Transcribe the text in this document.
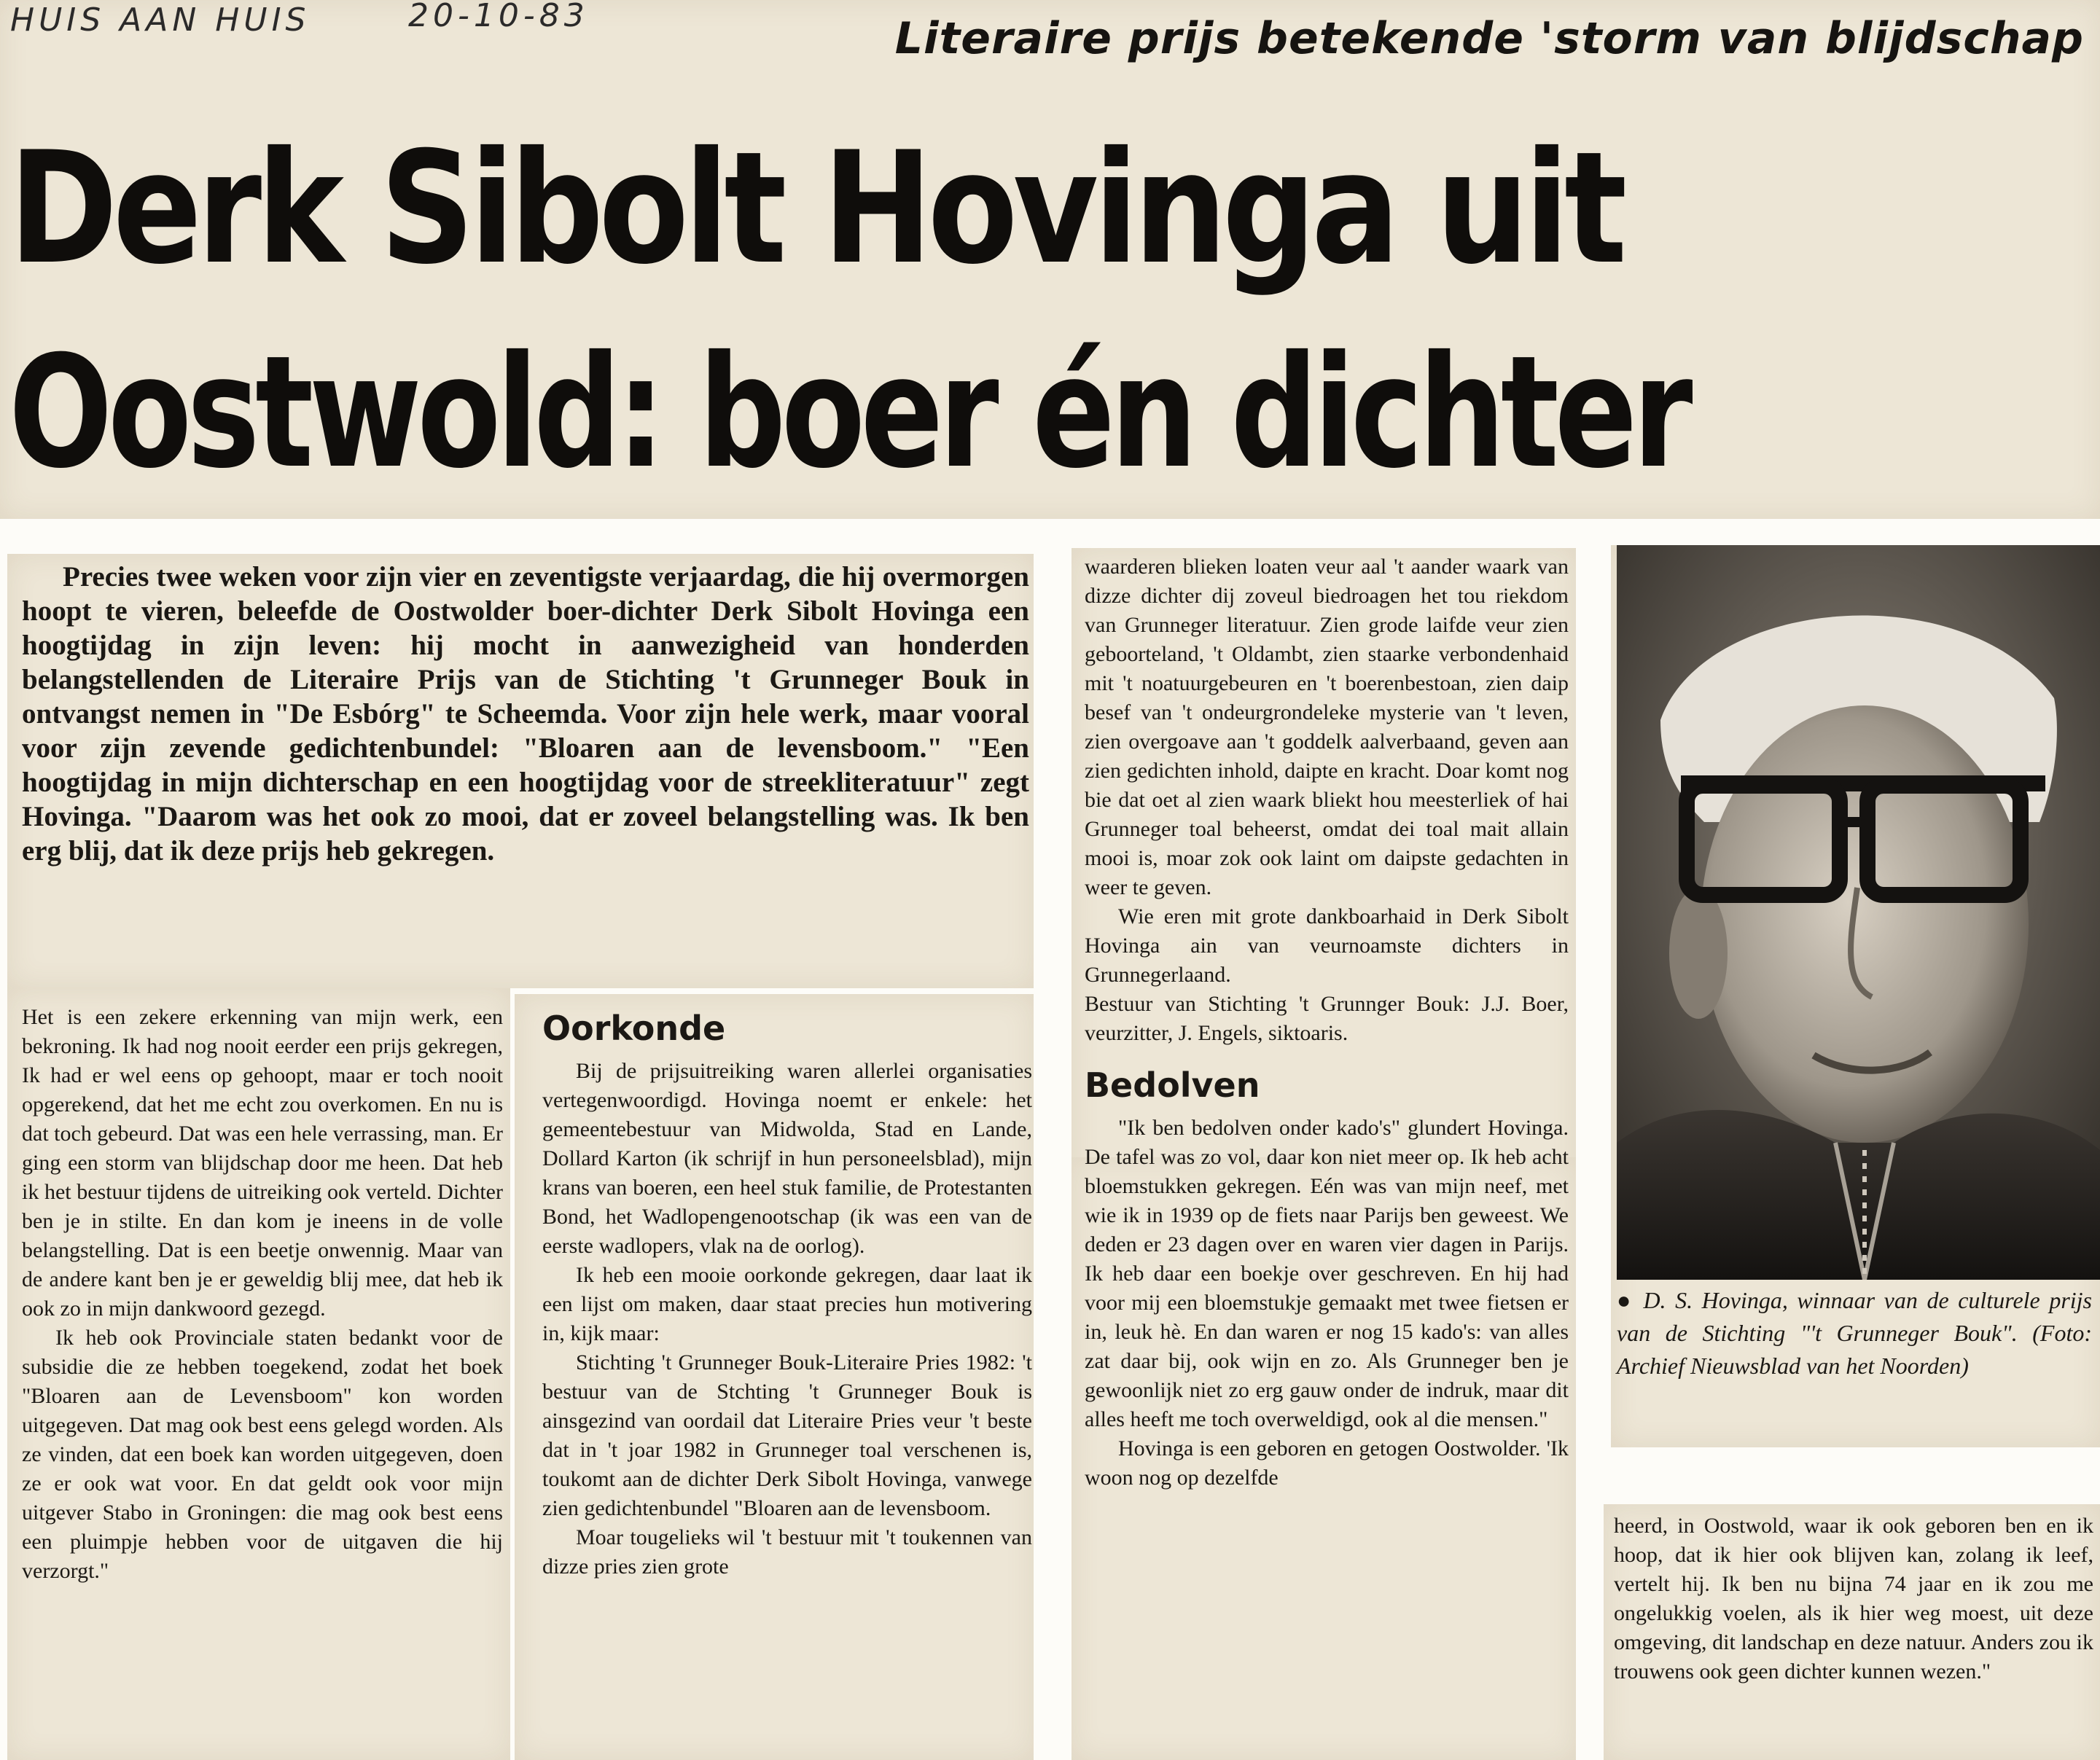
HUIS AAN HUIS	20-10-83	Literaire prijs betekende 'storm van blijdschap
Derk Sibolt Hovinga uit
Oostwold: boer én dichter

Precies twee weken voor zijn vier en zeventigste verjaardag, die hij overmorgen hoopt te vieren, beleefde de Oostwolder boer-dichter Derk Sibolt Hovinga een hoogtijdag in zijn leven: hij mocht in aanwezigheid van honderden belangstellenden de Literaire Prijs van de Stichting 't Grunneger Bouk in ontvangst nemen in "De Esbórg" te Scheemda. Voor zijn hele werk, maar vooral voor zijn zevende gedichtenbundel: "Bloaren aan de levensboom." "Een hoogtijdag in mijn dichterschap en een hoogtijdag voor de streekliteratuur" zegt Hovinga. "Daarom was het ook zo mooi, dat er zoveel belangstelling was. Ik ben erg blij, dat ik deze prijs heb gekregen.

Het is een zekere erkenning van mijn werk, een bekroning. Ik had nog nooit eerder een prijs gekregen, Ik had er wel eens op gehoopt, maar er toch nooit opgerekend, dat het me echt zou overkomen. En nu is dat toch gebeurd. Dat was een hele verrassing, man. Er ging een storm van blijdschap door me heen. Dat heb ik het bestuur tijdens de uitreiking ook verteld. Dichter ben je in stilte. En dan kom je ineens in de volle belangstelling. Dat is een beetje onwennig. Maar van de andere kant ben je er geweldig blij mee, dat heb ik ook zo in mijn dankwoord gezegd.

Ik heb ook Provinciale staten bedankt voor de subsidie die ze hebben toegekend, zodat het boek "Bloaren aan de Levensboom" kon worden uitgegeven. Dat mag ook best eens gelegd worden. Als ze vinden, dat een boek kan worden uitgegeven, doen ze er ook wat voor. En dat geldt ook voor mijn uitgever Stabo in Groningen: die mag ook best eens een pluimpje hebben voor de uitgaven die hij verzorgt."

Oorkonde

Bij de prijsuitreiking waren allerlei organisaties vertegenwoordigd. Hovinga noemt er enkele: het gemeentebestuur van Midwolda, Stad en Lande, Dollard Karton (ik schrijf in hun personeelsblad), mijn krans van boeren, een heel stuk familie, de Protestanten Bond, het Wadlopengenootschap (ik was een van de eerste wadlopers, vlak na de oorlog).

Ik heb een mooie oorkonde gekregen, daar laat ik een lijst om maken, daar staat precies hun motivering in, kijk maar:

Stichting 't Grunneger Bouk-Literaire Pries 1982: 't bestuur van de Stchting 't Grunneger Bouk is ainsgezind van oordail dat Literaire Pries veur 't beste dat in 't joar 1982 in Grunneger toal verschenen is, toukomt aan de dichter Derk Sibolt Hovinga, vanwege zien gedichtenbundel "Bloaren aan de levensboom.

Moar tougelieks wil 't bestuur mit 't toukennen van dizze pries zien grote

waarderen blieken loaten veur aal 't aander waark van dizze dichter dij zoveul biedroagen het tou riekdom van Grunneger literatuur. Zien grode laifde veur zien geboorteland, 't Oldambt, zien staarke verbondenhaid mit 't noatuurgebeuren en 't boerenbestoan, zien daip besef van 't ondeurgrondeleke mysterie van 't leven, zien overgoave aan 't goddelk aalverbaand, geven aan zien gedichten inhold, daipte en kracht. Doar komt nog bie dat oet al zien waark bliekt hou meesterliek of hai Grunneger toal beheerst, omdat dei toal mait allain mooi is, moar zok ook laint om daipste gedachten in weer te geven.

Wie eren mit grote dankboarhaid in Derk Sibolt Hovinga ain van veurnoamste dichters in Grunnegerlaand.

Bestuur van Stichting 't Grunnger Bouk: J.J. Boer, veurzitter, J. Engels, siktoaris.

Bedolven

"Ik ben bedolven onder kado's" glundert Hovinga. De tafel was zo vol, daar kon niet meer op. Ik heb acht bloemstukken gekregen. Eén was van mijn neef, met wie ik in 1939 op de fiets naar Parijs ben geweest. We deden er 23 dagen over en waren vier dagen in Parijs. Ik heb daar een boekje over geschreven. En hij had voor mij een bloemstukje gemaakt met twee fietsen er in, leuk hè. En dan waren er nog 15 kado's: van alles zat daar bij, ook wijn en zo. Als Grunneger ben je gewoonlijk niet zo erg gauw onder de indruk, maar dit alles heeft me toch overweldigd, ook al die mensen."

Hovinga is een geboren en getogen Oostwolder. 'Ik woon nog op dezelfde

● D. S. Hovinga, winnaar van de culturele prijs van de Stichting "'t Grunneger Bouk". (Foto: Archief Nieuwsblad van het Noorden)

heerd, in Oostwold, waar ik ook geboren ben en ik hoop, dat ik hier ook blijven kan, zolang ik leef, vertelt hij. Ik ben nu bijna 74 jaar en ik zou me ongelukkig voelen, als ik hier weg moest, uit deze omgeving, dit landschap en deze natuur. Anders zou ik trouwens ook geen dichter kunnen wezen."
